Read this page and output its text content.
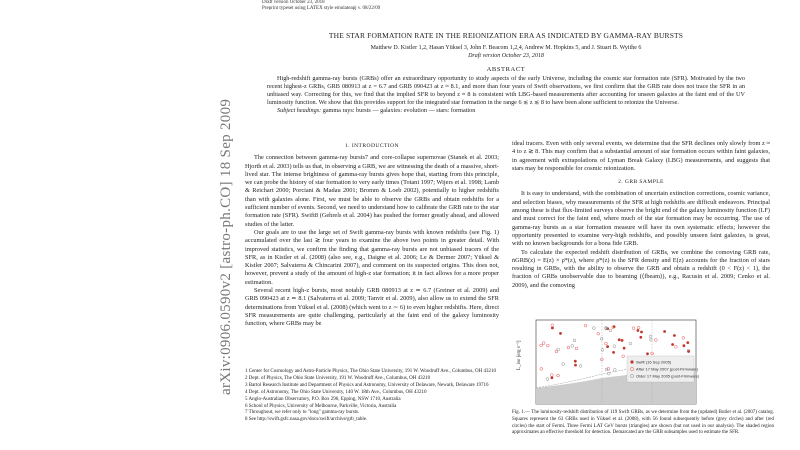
Draft version October 23, 2018
Preprint typeset using LATEX style emulateapj v. 08/22/09
arXiv:0906.0590v2 [astro-ph.CO] 18 Sep 2009
THE STAR FORMATION RATE IN THE REIONIZATION ERA AS INDICATED BY GAMMA-RAY BURSTS
Matthew D. Kistler 1,2, Hasan Yüksel 3, John F. Beacom 1,2,4, Andrew M. Hopkins 5, and J. Stuart B. Wyithe 6
Draft version October 23, 2018
ABSTRACT

High-redshift gamma-ray bursts (GRBs) offer an extraordinary opportunity to study aspects of the early Universe, including the cosmic star formation rate (SFR). Motivated by the two recent highest-z GRBs, GRB 080913 at z = 6.7 and GRB 090423 at z ≈ 8.1, and more than four years of Swift observations, we first confirm that the GRB rate does not trace the SFR in an unbiased way. Correcting for this, we find that the implied SFR to beyond z ≈ 8 is consistent with LBG-based measurements after accounting for unseen galaxies at the faint end of the UV luminosity function. We show that this provides support for the integrated star formation in the range 6 ≲ z ≲ 8 to have been alone sufficient to reionize the Universe.

Subject headings: gamma rays: bursts — galaxies: evolution — stars: formation

1. INTRODUCTION

The connection between gamma-ray bursts7 and core-collapse supernovae (Stanek et al. 2003; Hjorth et al. 2003) tells us that, in observing a GRB, we are witnessing the death of a massive, short-lived star. The intense brightness of gamma-ray bursts gives hope that, starting from this principle, we can probe the history of star formation to very early times (Totani 1997; Wijers et al. 1998; Lamb & Reichart 2000; Porciani & Madau 2001; Bromm & Loeb 2002), potentially to higher redshifts than with galaxies alone. First, we must be able to observe the GRBs and obtain redshifts for a sufficient number of events. Second, we need to understand how to calibrate the GRB rate to the star formation rate (SFR). Swift8 (Gehrels et al. 2004) has pushed the former greatly ahead, and allowed studies of the latter.

Our goals are to use the large set of Swift gamma-ray bursts with known redshifts (see Fig. 1) accumulated over the last ≳ four years to examine the above two points in greater detail. With improved statistics, we confirm the finding that gamma-ray bursts are not unbiased tracers of the SFR, as in Kistler et al. (2008) (also see, e.g., Daigne et al. 2006; Le & Dermer 2007; Yüksel & Kistler 2007; Salvaterra & Chincarini 2007), and comment on its suspected origins. This does not, however, prevent a study of the amount of high-z star formation; it in fact allows for a more proper estimation.

Several recent high-z bursts, most notably GRB 080913 at z ≃ 6.7 (Greiner et al. 2009) and GRB 090423 at z ≃ 8.1 (Salvaterra et al. 2009; Tanvir et al. 2009), also allow us to extend the SFR determinations from Yüksel et al. (2008) (which went to z ∼ 6) to even higher redshifts. Here, direct SFR measurements are quite challenging, particularly at the faint end of the galaxy luminosity function, where GRBs may be

1 Center for Cosmology and Astro-Particle Physics, The Ohio State University, 191 W. Woodruff Ave., Columbus, OH 43210
2 Dept. of Physics, The Ohio State University, 191 W. Woodruff Ave., Columbus, OH 43210
3 Bartol Research Institute and Department of Physics and Astronomy, University of Delaware, Newark, Delaware 19716
4 Dept. of Astronomy, The Ohio State University, 140 W. 18th Ave., Columbus, OH 43210
5 Anglo-Australian Observatory, P.O. Box 296, Epping, NSW 1710, Australia
6 School of Physics, University of Melbourne, Parkville, Victoria, Australia
7 Throughout, we refer only to "long" gamma-ray bursts.
8 See http://swift.gsfc.nasa.gov/docs/swift/archive/grb_table.

ideal tracers. Even with only several events, we determine that the SFR declines only slowly from z ≈ 4 to z ≳ 8. This may confirm that a substantial amount of star formation occurs within faint galaxies, in agreement with extrapolations of Lyman Break Galaxy (LBG) measurements, and suggests that stars may be responsible for cosmic reionization.

2. GRB SAMPLE

It is easy to understand, with the combination of uncertain extinction corrections, cosmic variance, and selection biases, why measurements of the SFR at high redshifts are difficult endeavors. Principal among these is that flux-limited surveys observe the bright end of the galaxy luminosity function (LF) and must correct for the faint end, where much of the star formation may be occurring. The use of gamma-ray bursts as a star formation measure will have its own systematic effects; however the opportunity presented to examine very-high redshifts, and possibly unseen faint galaxies, is great, with no known backgrounds for a bona fide GRB.

To calculate the expected redshift distribution of GRBs, we combine the comoving GRB rate, ṅGRB(z) = E(z) × ρ̇*(z), where ρ̇*(z) is the SFR density and E(z) accounts for the fraction of stars resulting in GRBs, with the ability to observe the GRB and obtain a redshift (0 < F(z) < 1), the fraction of GRBs unobservable due to beaming (⟨fbeam⟩), e.g., Racusin et al. 2009; Cenko et al. 2009), and the comoving

Swift (16 Sep 2005)
After 17 May 2007 (post-Firmware)
Older 17 May 2005 (post-Firmware)
L_iso [erg s⁻¹]
Fig. 1.— The luminosity-redshift distribution of 119 Swift GRBs, as we determine from the (updated) Butler et al. (2007) catalog. Squares represent the 63 GRBs used in Yüksel et al. (2008), with 56 found subsequently before (grey circles) and after (red circles) the start of Fermi. Three Fermi LAT GeV bursts (triangles) are shown (but not used in our analysis). The shaded region approximates an effective threshold for detection. Demarcated are the GRB subsamples used to estimate the SFR.
